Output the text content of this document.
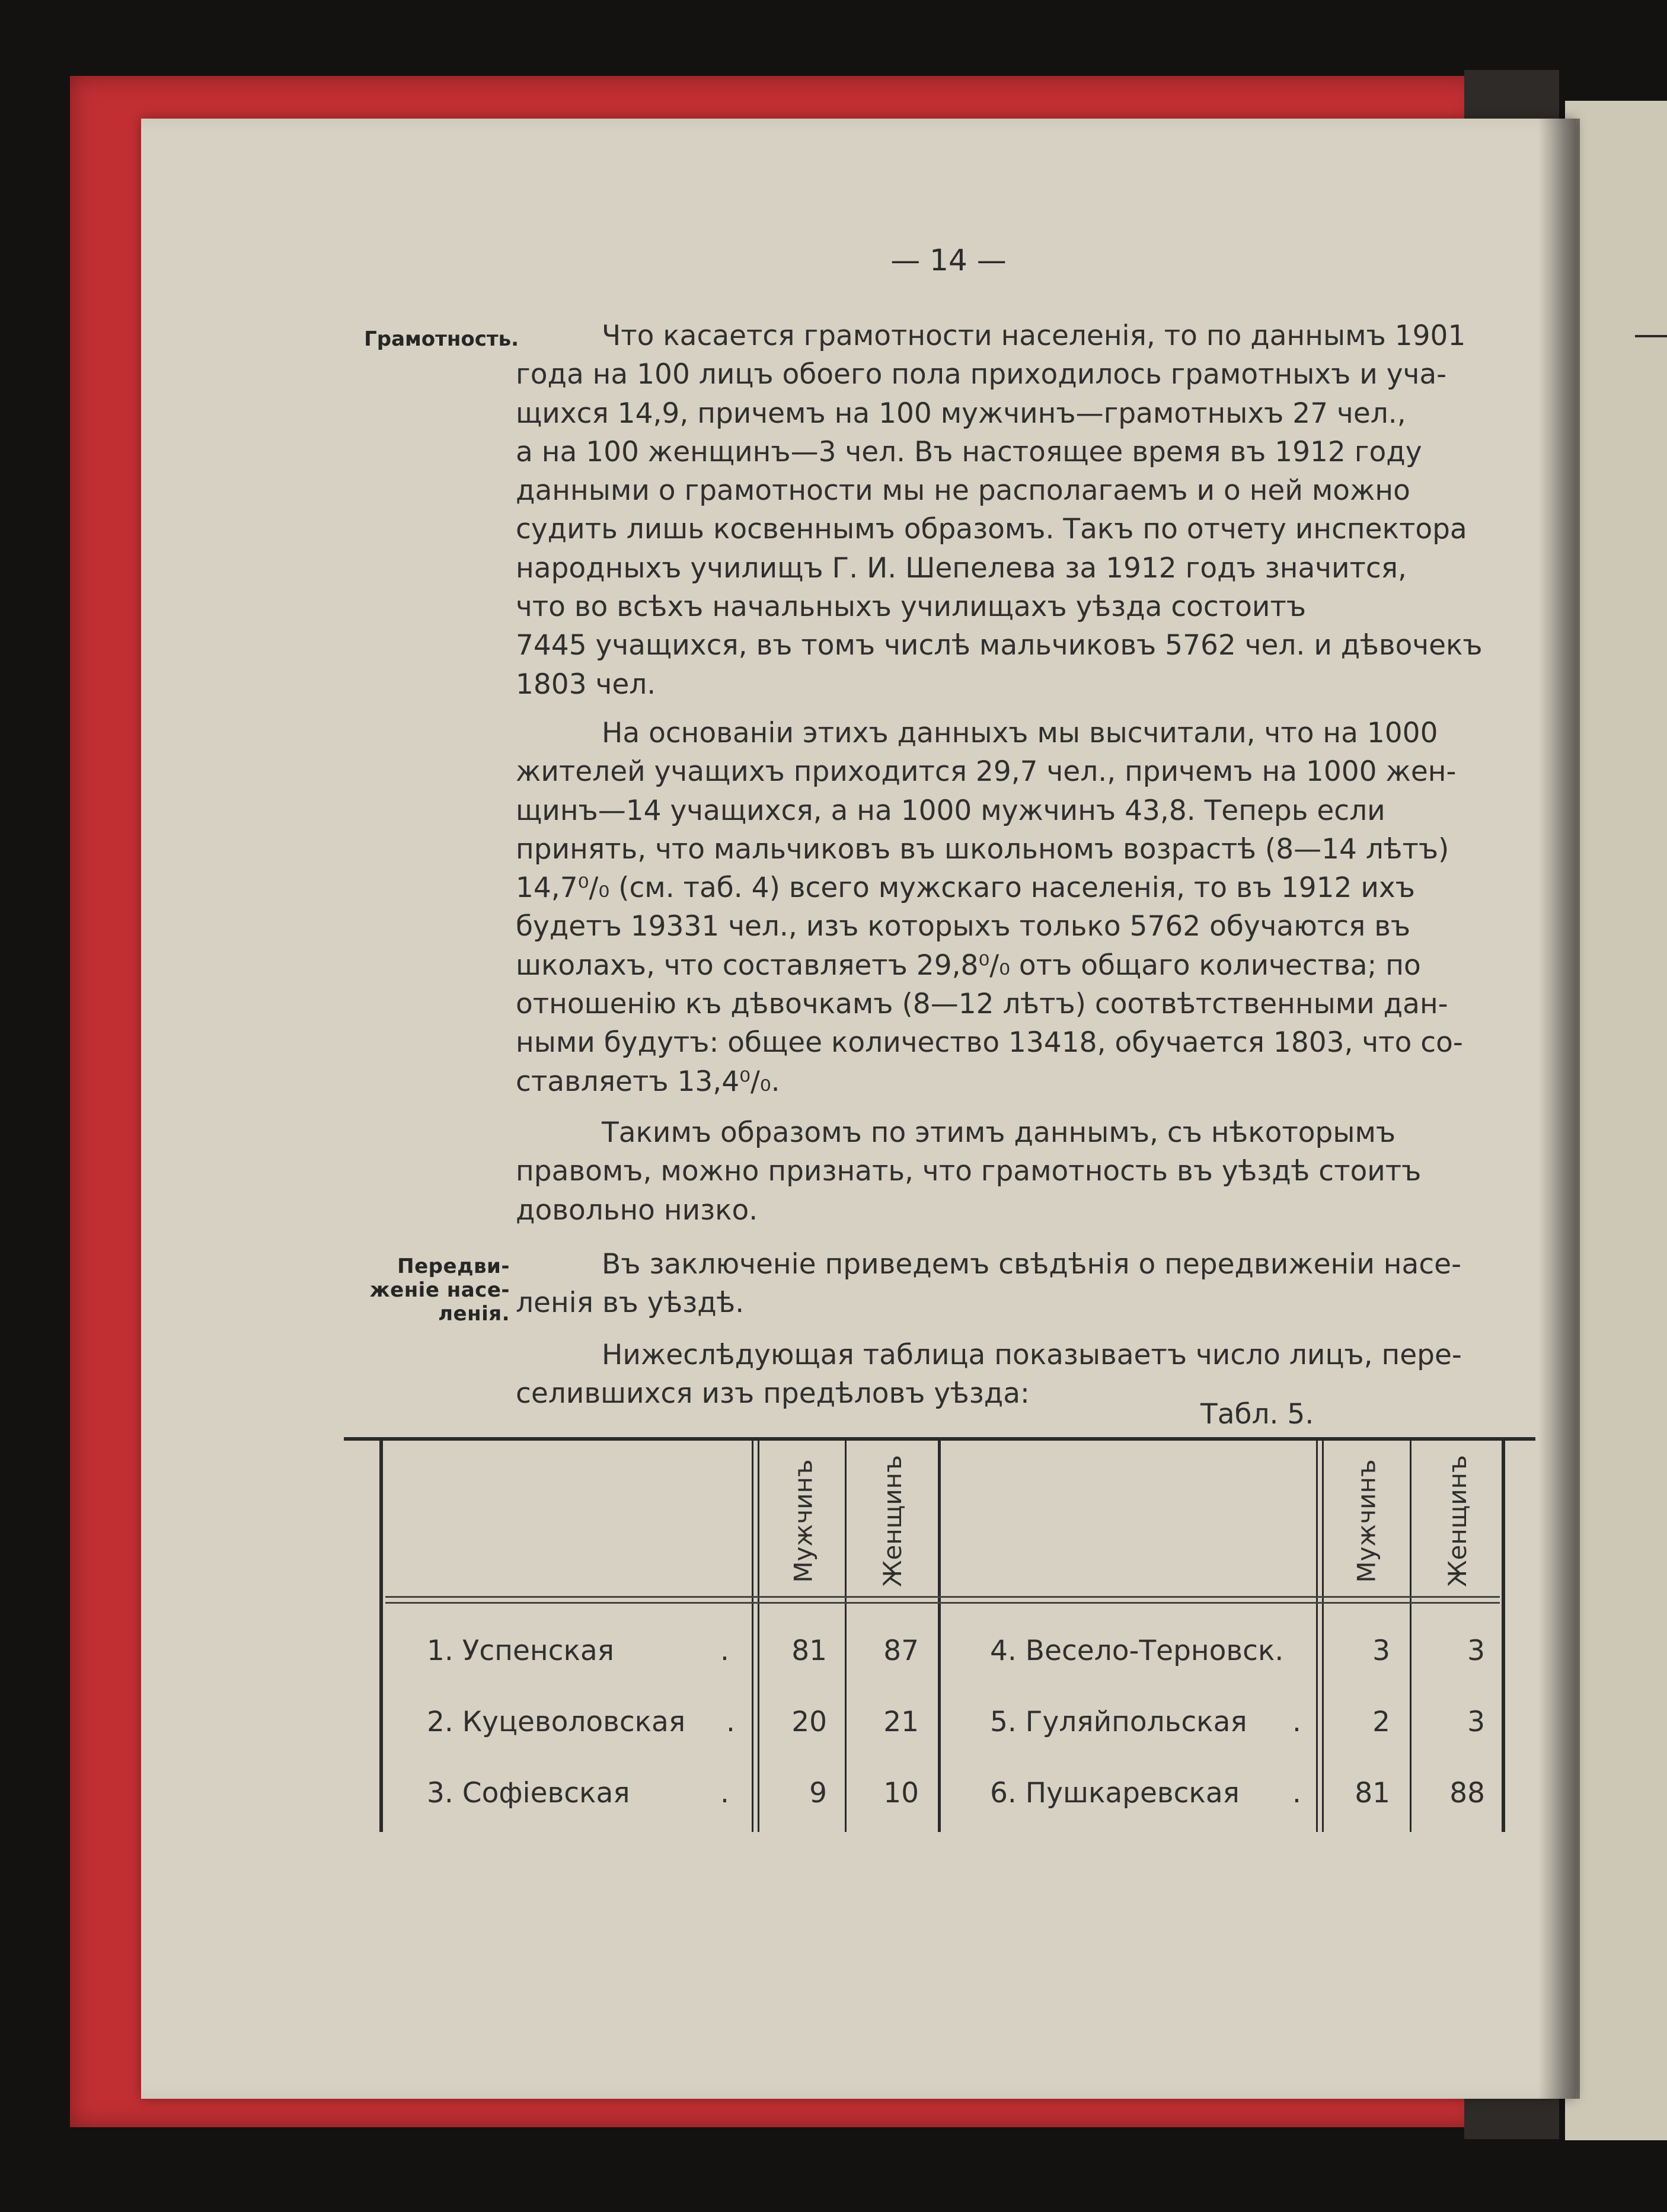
— 14 —
Грамотность.
Передви-
женіе насе-
ленія.
Что касается грамотности населенія, то по даннымъ 1901
года на 100 лицъ обоего пола приходилось грамотныхъ и уча-
щихся 14,9, причемъ на 100 мужчинъ—грамотныхъ 27 чел.,
а на 100 женщинъ—3 чел. Въ настоящее время въ 1912 году
данными о грамотности мы не располагаемъ и о ней можно
судить лишь косвеннымъ образомъ. Такъ по отчету инспектора
народныхъ училищъ Г. И. Шепелева за 1912 годъ значится,
что во всѣхъ начальныхъ училищахъ уѣзда состоитъ
7445 учащихся, въ томъ числѣ мальчиковъ 5762 чел. и дѣвочекъ
1803 чел.
На основаніи этихъ данныхъ мы высчитали, что на 1000
жителей учащихъ приходится 29,7 чел., причемъ на 1000 жен-
щинъ—14 учащихся, а на 1000 мужчинъ 43,8. Теперь если
принять, что мальчиковъ въ школьномъ возрастѣ (8—14 лѣтъ)
14,7⁰/₀ (см. таб. 4) всего мужскаго населенія, то въ 1912 ихъ
будетъ 19331 чел., изъ которыхъ только 5762 обучаются въ
школахъ, что составляетъ 29,8⁰/₀ отъ общаго количества; по
отношенію къ дѣвочкамъ (8—12 лѣтъ) соотвѣтственными дан-
ными будутъ: общее количество 13418, обучается 1803, что со-
ставляетъ 13,4⁰/₀.
Такимъ образомъ по этимъ даннымъ, съ нѣкоторымъ
правомъ, можно признать, что грамотность въ уѣздѣ стоитъ
довольно низко.
Въ заключеніе приведемъ свѣдѣнія о передвиженіи насе-
ленія въ уѣздѣ.
Нижеслѣдующая таблица показываетъ число лицъ, пере-
селившихся изъ предѣловъ уѣзда:
Табл. 5.
Мужчинъ Женщинъ	Мужчинъ Женщинъ
1. Успенская	.	81	87
2. Куцеволовская .	20	21
3. Софіевская	.	9	10
4. Весело-Терновск.	3	3
5. Гуляйпольская .	2	3
6. Пушкаревская .	81	88
